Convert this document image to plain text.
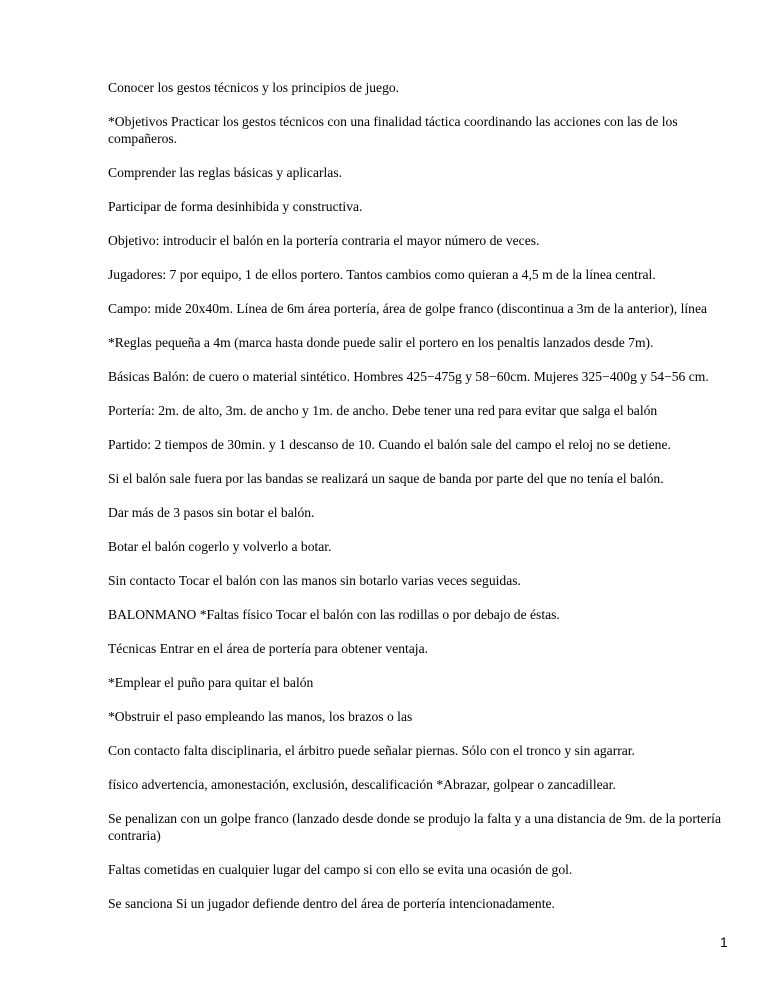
Conocer los gestos técnicos y los principios de juego.

*Objetivos Practicar los gestos técnicos con una finalidad táctica coordinando las acciones con las de los compañeros.

Comprender las reglas básicas y aplicarlas.

Participar de forma desinhibida y constructiva.

Objetivo: introducir el balón en la portería contraria el mayor número de veces.

Jugadores: 7 por equipo, 1 de ellos portero. Tantos cambios como quieran a 4,5 m de la línea central.

Campo: mide 20x40m. Línea de 6m área portería, área de golpe franco (discontinua a 3m de la anterior), línea

*Reglas pequeña a 4m (marca hasta donde puede salir el portero en los penaltis lanzados desde 7m).

Básicas Balón: de cuero o material sintético. Hombres 425−475g y 58−60cm. Mujeres 325−400g y 54−56 cm.

Portería: 2m. de alto, 3m. de ancho y 1m. de ancho. Debe tener una red para evitar que salga el balón

Partido: 2 tiempos de 30min. y 1 descanso de 10. Cuando el balón sale del campo el reloj no se detiene.

Si el balón sale fuera por las bandas se realizará un saque de banda por parte del que no tenía el balón.

Dar más de 3 pasos sin botar el balón.

Botar el balón cogerlo y volverlo a botar.

Sin contacto Tocar el balón con las manos sin botarlo varias veces seguidas.

BALONMANO *Faltas físico Tocar el balón con las rodillas o por debajo de éstas.

Técnicas Entrar en el área de portería para obtener ventaja.

*Emplear el puño para quitar el balón

*Obstruir el paso empleando las manos, los brazos o las

Con contacto falta disciplinaria, el árbitro puede señalar piernas. Sólo con el tronco y sin agarrar.

físico advertencia, amonestación, exclusión, descalificación *Abrazar, golpear o zancadillear.

Se penalizan con un golpe franco (lanzado desde donde se produjo la falta y a una distancia de 9m. de la portería contraria)

Faltas cometidas en cualquier lugar del campo si con ello se evita una ocasión de gol.

Se sanciona Si un jugador defiende dentro del área de portería intencionadamente.

1
